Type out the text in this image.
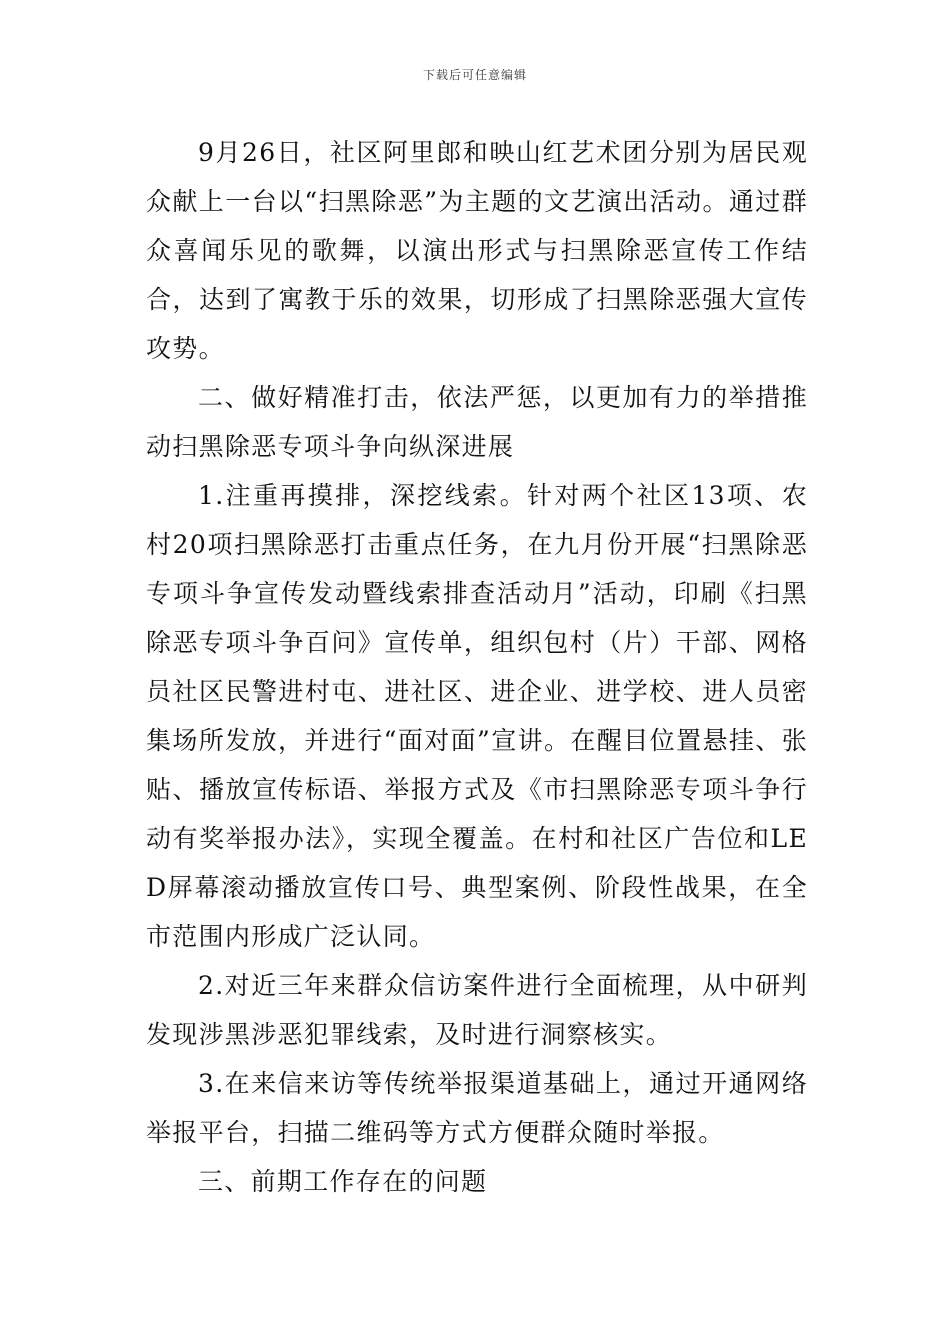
下载后可任意编辑

9月26日，社区阿里郎和映山红艺术团分别为居民观众献上一台以“扫黑除恶”为主题的文艺演出活动。通过群众喜闻乐见的歌舞，以演出形式与扫黑除恶宣传工作结合，达到了寓教于乐的效果，切形成了扫黑除恶强大宣传攻势。

二、做好精准打击，依法严惩，以更加有力的举措推动扫黑除恶专项斗争向纵深进展

1.注重再摸排，深挖线索。针对两个社区13项、农村20项扫黑除恶打击重点任务，在九月份开展“扫黑除恶专项斗争宣传发动暨线索排查活动月”活动，印刷《扫黑除恶专项斗争百问》宣传单，组织包村（片）干部、网格员社区民警进村屯、进社区、进企业、进学校、进人员密集场所发放，并进行“面对面”宣讲。在醒目位置悬挂、张贴、播放宣传标语、举报方式及《市扫黑除恶专项斗争行动有奖举报办法》，实现全覆盖。在村和社区广告位和LED屏幕滚动播放宣传口号、典型案例、阶段性战果，在全市范围内形成广泛认同。

2.对近三年来群众信访案件进行全面梳理，从中研判发现涉黑涉恶犯罪线索，及时进行洞察核实。

3.在来信来访等传统举报渠道基础上，通过开通网络举报平台，扫描二维码等方式方便群众随时举报。

三、前期工作存在的问题
